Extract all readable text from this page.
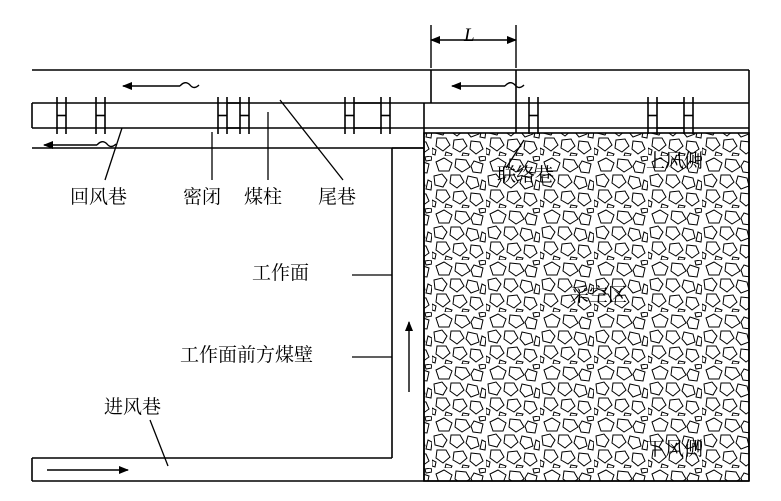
L
回风巷	密闭 煤柱 尾巷
工作面
工作面前方煤壁
进风巷
联络巷
采空区
上风侧
下风侧
